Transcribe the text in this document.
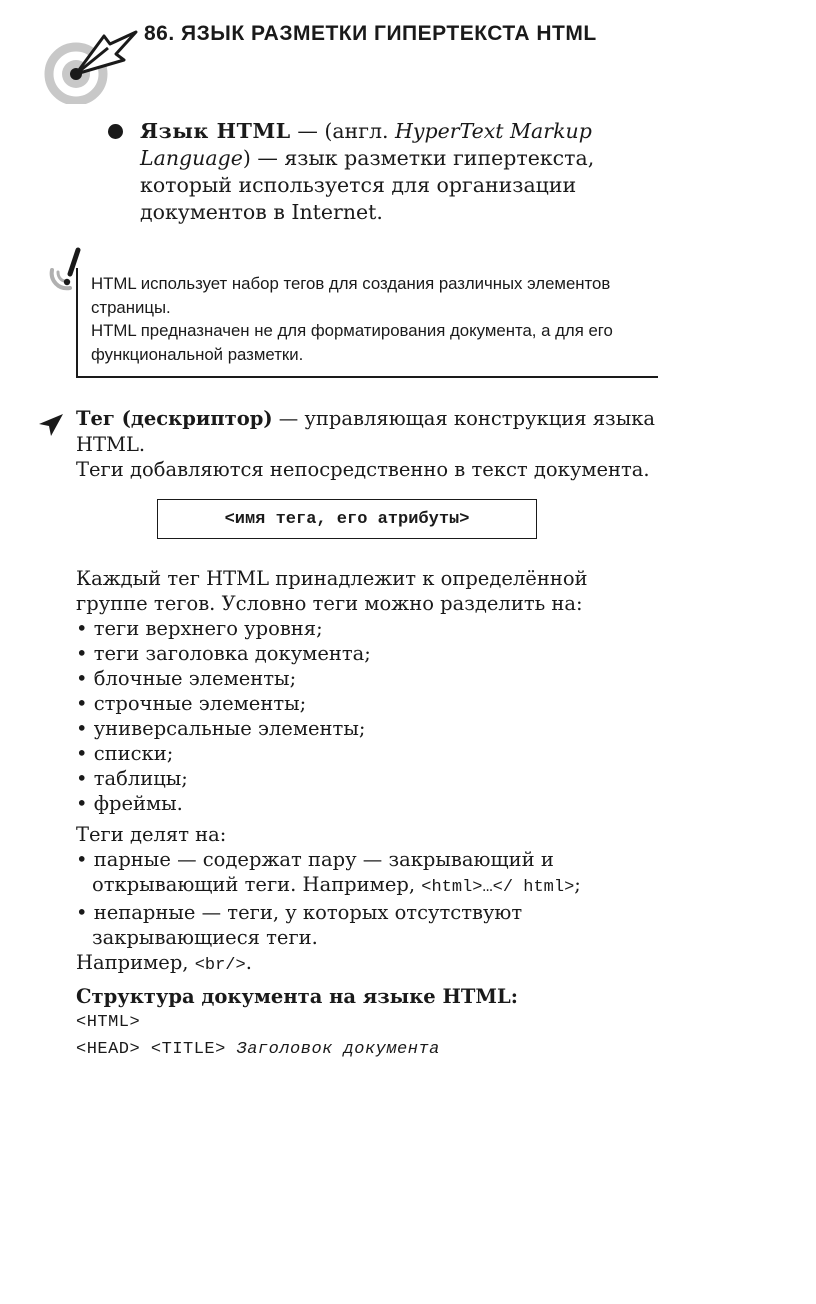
86. ЯЗЫК РАЗМЕТКИ ГИПЕРТЕКСТА HTML
Язык HTML — (англ. HyperText Markup Language) — язык разметки гипертекста, который используется для организации документов в Internet.

HTML использует набор тегов для создания различных элементов страницы.

HTML предназначен не для форматирования документа, а для его функциональной разметки.

Тег (дескриптор) — управляющая конструкция языка HTML.

Теги добавляются непосредственно в текст документа.

<имя тега, его атрибуты>

Каждый тег HTML принадлежит к определённой группе тегов. Условно теги можно разделить на:

• теги верхнего уровня;
• теги заголовка документа;
• блочные элементы;
• строчные элементы;
• универсальные элементы;
• списки;
• таблицы;
• фреймы.

Теги делят на:

• парные — содержат пару — закрывающий и открывающий теги. Например, <html>…</ html>;
• непарные — теги, у которых отсутствуют закрывающиеся теги.

Например, <br/>.

Структура документа на языке HTML:

<HTML>
<HEAD> <TITLE> Заголовок документа
